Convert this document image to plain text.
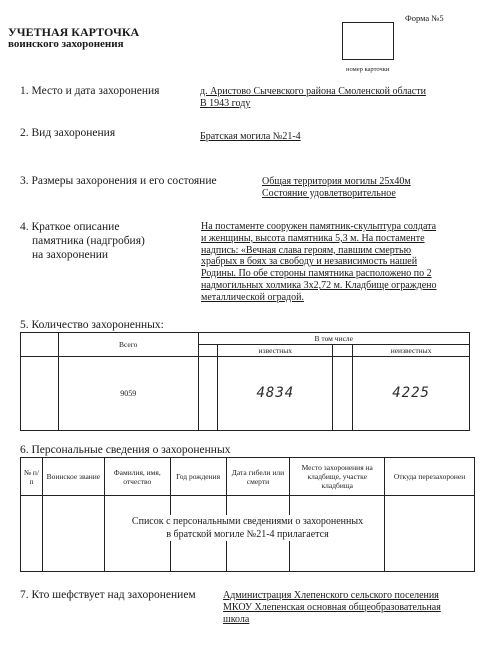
Форма №5
УЧЕТНАЯ КАРТОЧКА
воинского захоронения
номер карточки
1. Место и дата захоронения	д. Аристово Сычевского района Смоленской области
В 1943 году
2. Вид захоронения	Братская могила №21-4
3. Размеры захоронения и его состояние	Общая территория могилы 25х40м
Состояние удовлетворительное
4. Краткое описание
памятника (надгробия)
на захоронении
На постаменте сооружен памятник-скульптура солдата
и женщины, высота памятника 5,3 м. На постаменте
надпись: «Вечная слава героям, павшим смертью
храбрых в боях за свободу и независимость нашей
Родины. По обе стороны памятника расположено по 2
надмогильных холмика 3х2,72 м. Кладбище ограждено
металлической оградой.
5. Количество захороненных:
	Всего	В том числе			
			известных		неизвестных
	9059		4834		4225
6. Персональные сведения о захороненных
№ п/п	Воинское звание	Фамилия, имя, отчество	Год рождения	Дата гибели или смерти	Место захоронения на кладбище, участке кладбища	Откуда перезахоронен

Список с персональными сведениями о захороненных
в братской могиле №21-4 прилагается
7. Кто шефствует над захоронением	Администрация Хлепенского сельского поселения
МКОУ Хлепенская основная общеобразовательная
школа
